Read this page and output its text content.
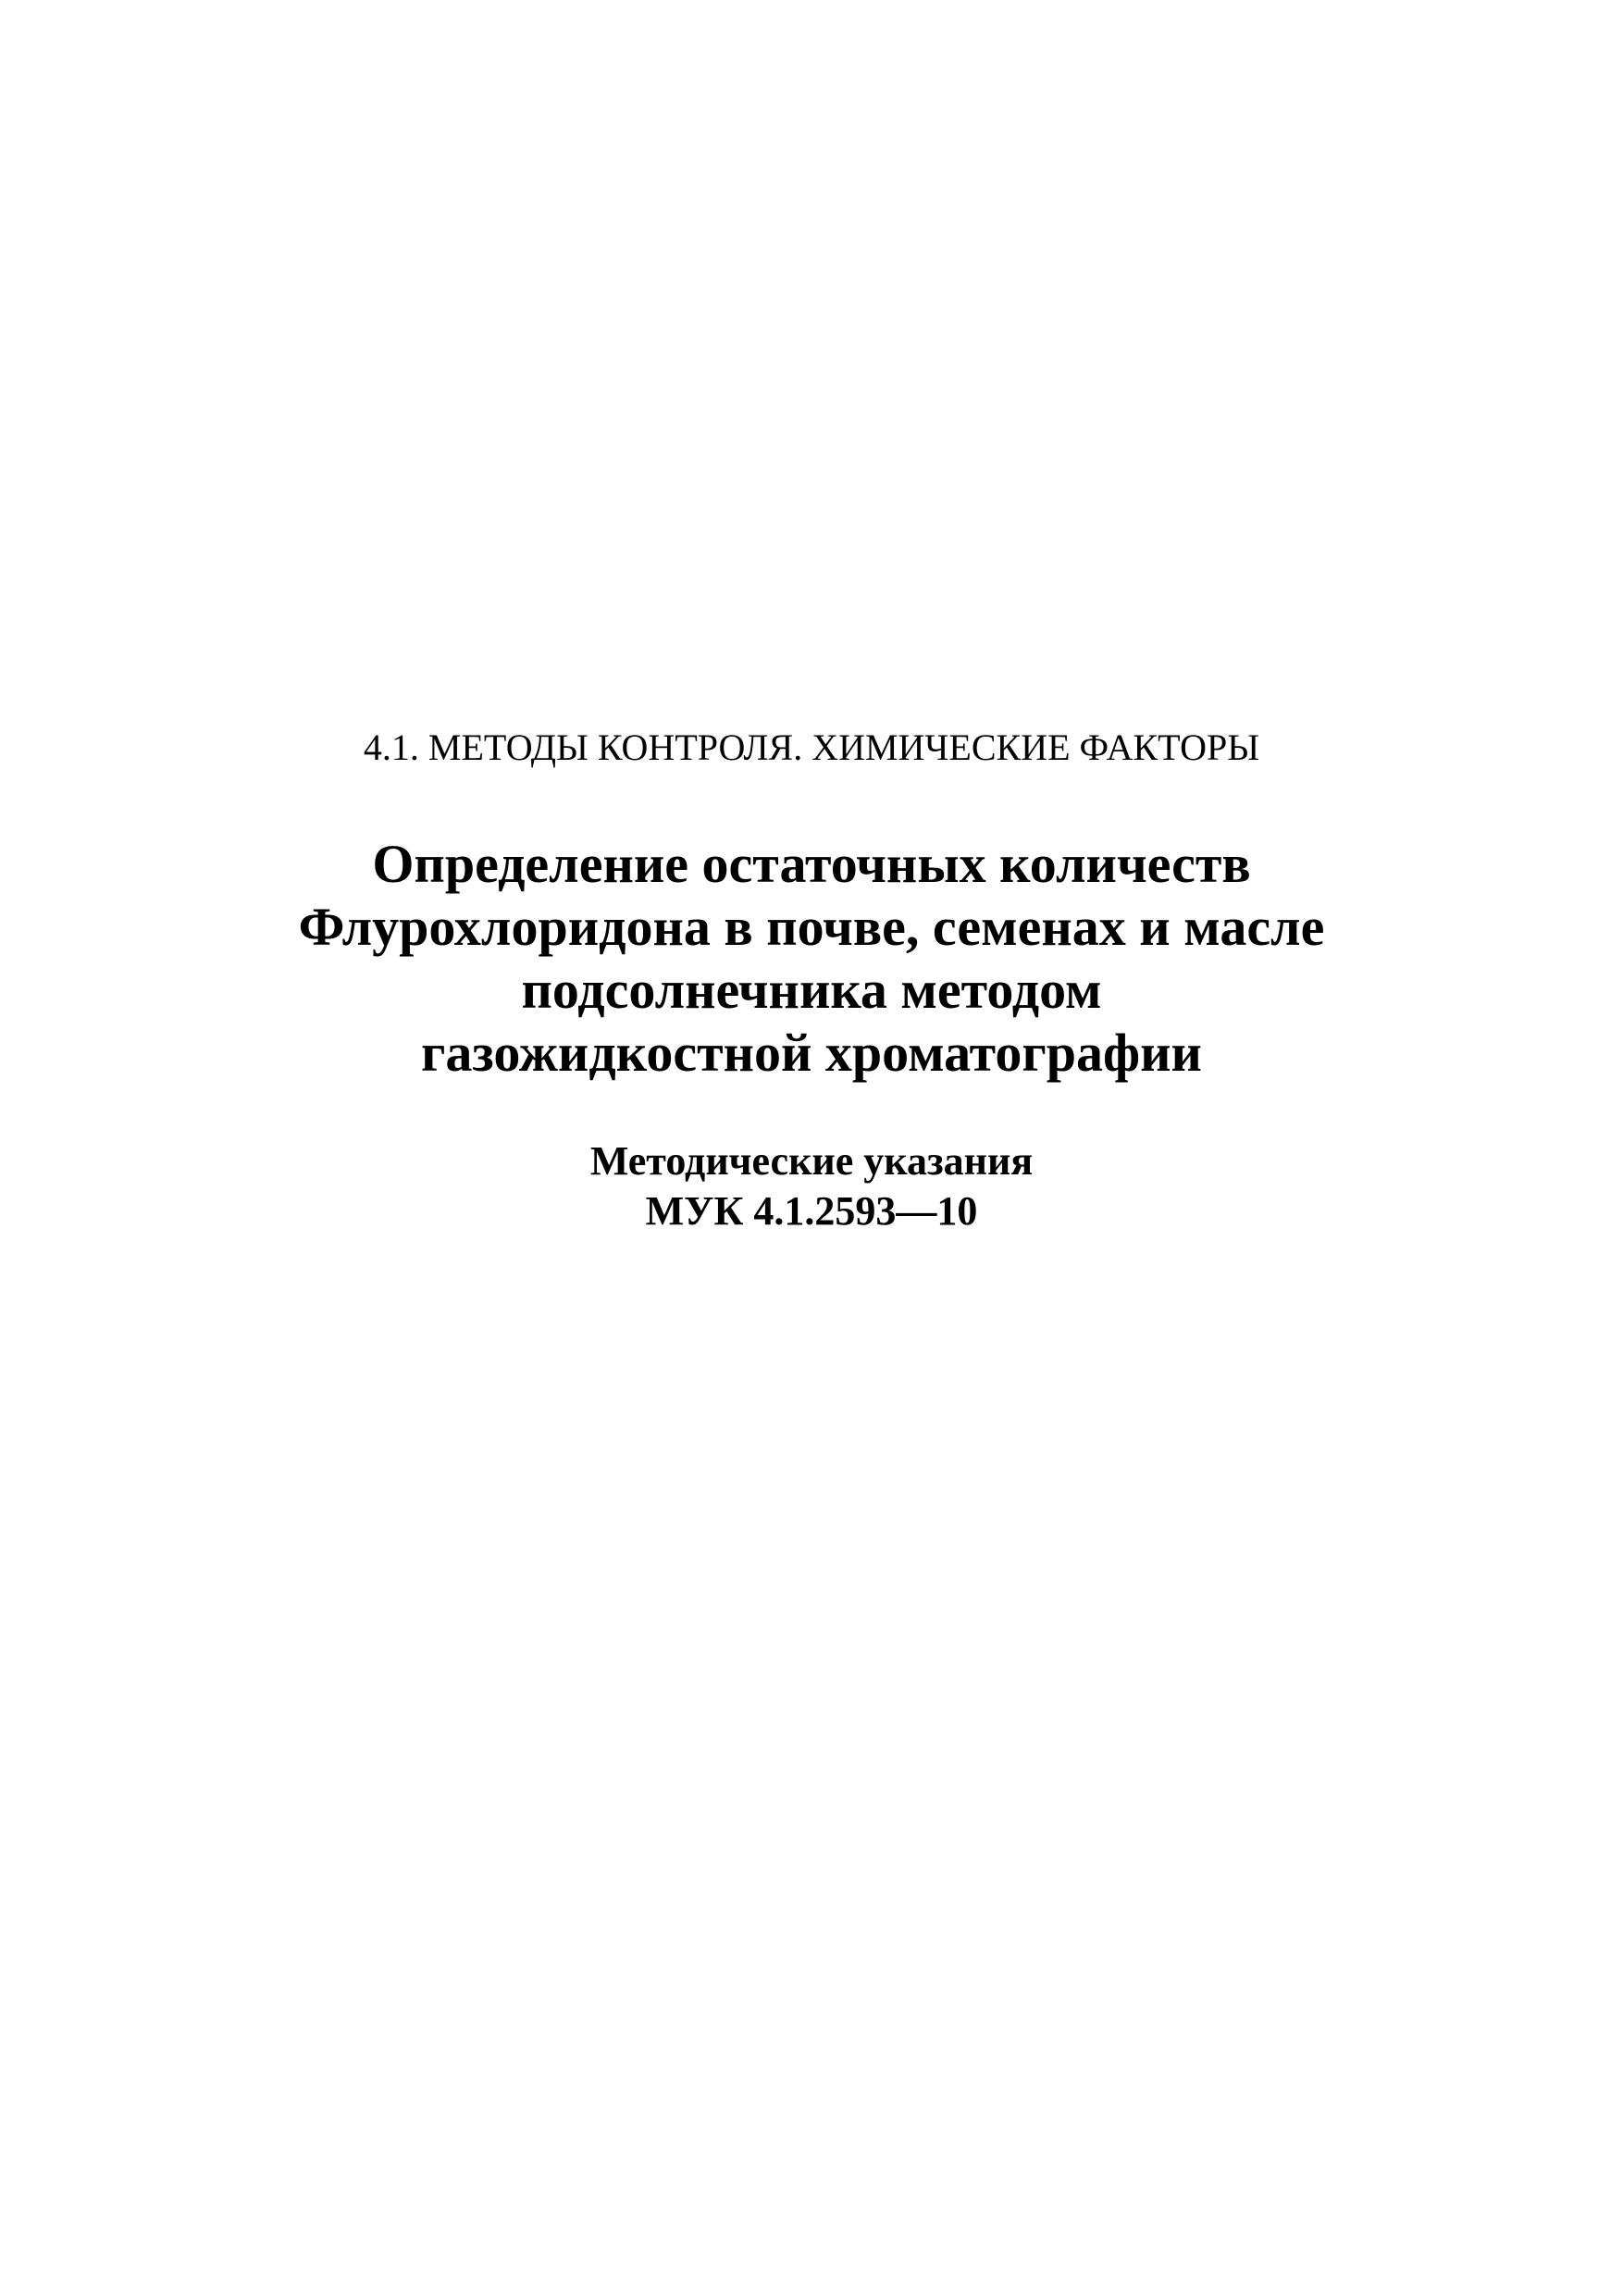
4.1. МЕТОДЫ КОНТРОЛЯ. ХИМИЧЕСКИЕ ФАКТОРЫ

Определение остаточных количеств
Флурохлоридона в почве, семенах и масле
подсолнечника методом
газожидкостной хроматографии
Методические указания
МУК 4.1.2593—10
